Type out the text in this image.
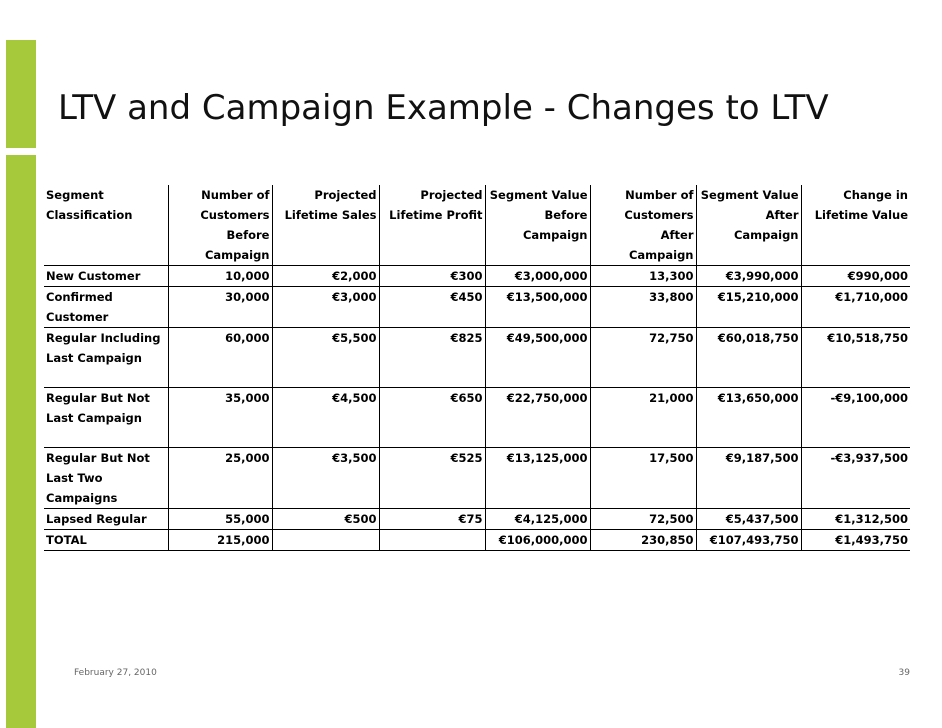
LTV and Campaign Example - Changes to LTV
Segment Classification	Number of Customers Before Campaign	Projected Lifetime Sales	Projected Lifetime Profit	Segment Value Before Campaign	Number of Customers After Campaign	Segment Value After Campaign	Change in Lifetime Value
New Customer	10,000	€2,000	€300	€3,000,000	13,300	€3,990,000	€990,000
Confirmed Customer	30,000	€3,000	€450	€13,500,000	33,800	€15,210,000	€1,710,000
Regular Including Last Campaign	60,000	€5,500	€825	€49,500,000	72,750	€60,018,750	€10,518,750
Regular But Not Last Campaign	35,000	€4,500	€650	€22,750,000	21,000	€13,650,000	-€9,100,000
Regular But Not Last Two Campaigns	25,000	€3,500	€525	€13,125,000	17,500	€9,187,500	-€3,937,500
Lapsed Regular	55,000	€500	€75	€4,125,000	72,500	€5,437,500	€1,312,500
TOTAL	215,000			€106,000,000	230,850	€107,493,750	€1,493,750
February 27, 2010	39
